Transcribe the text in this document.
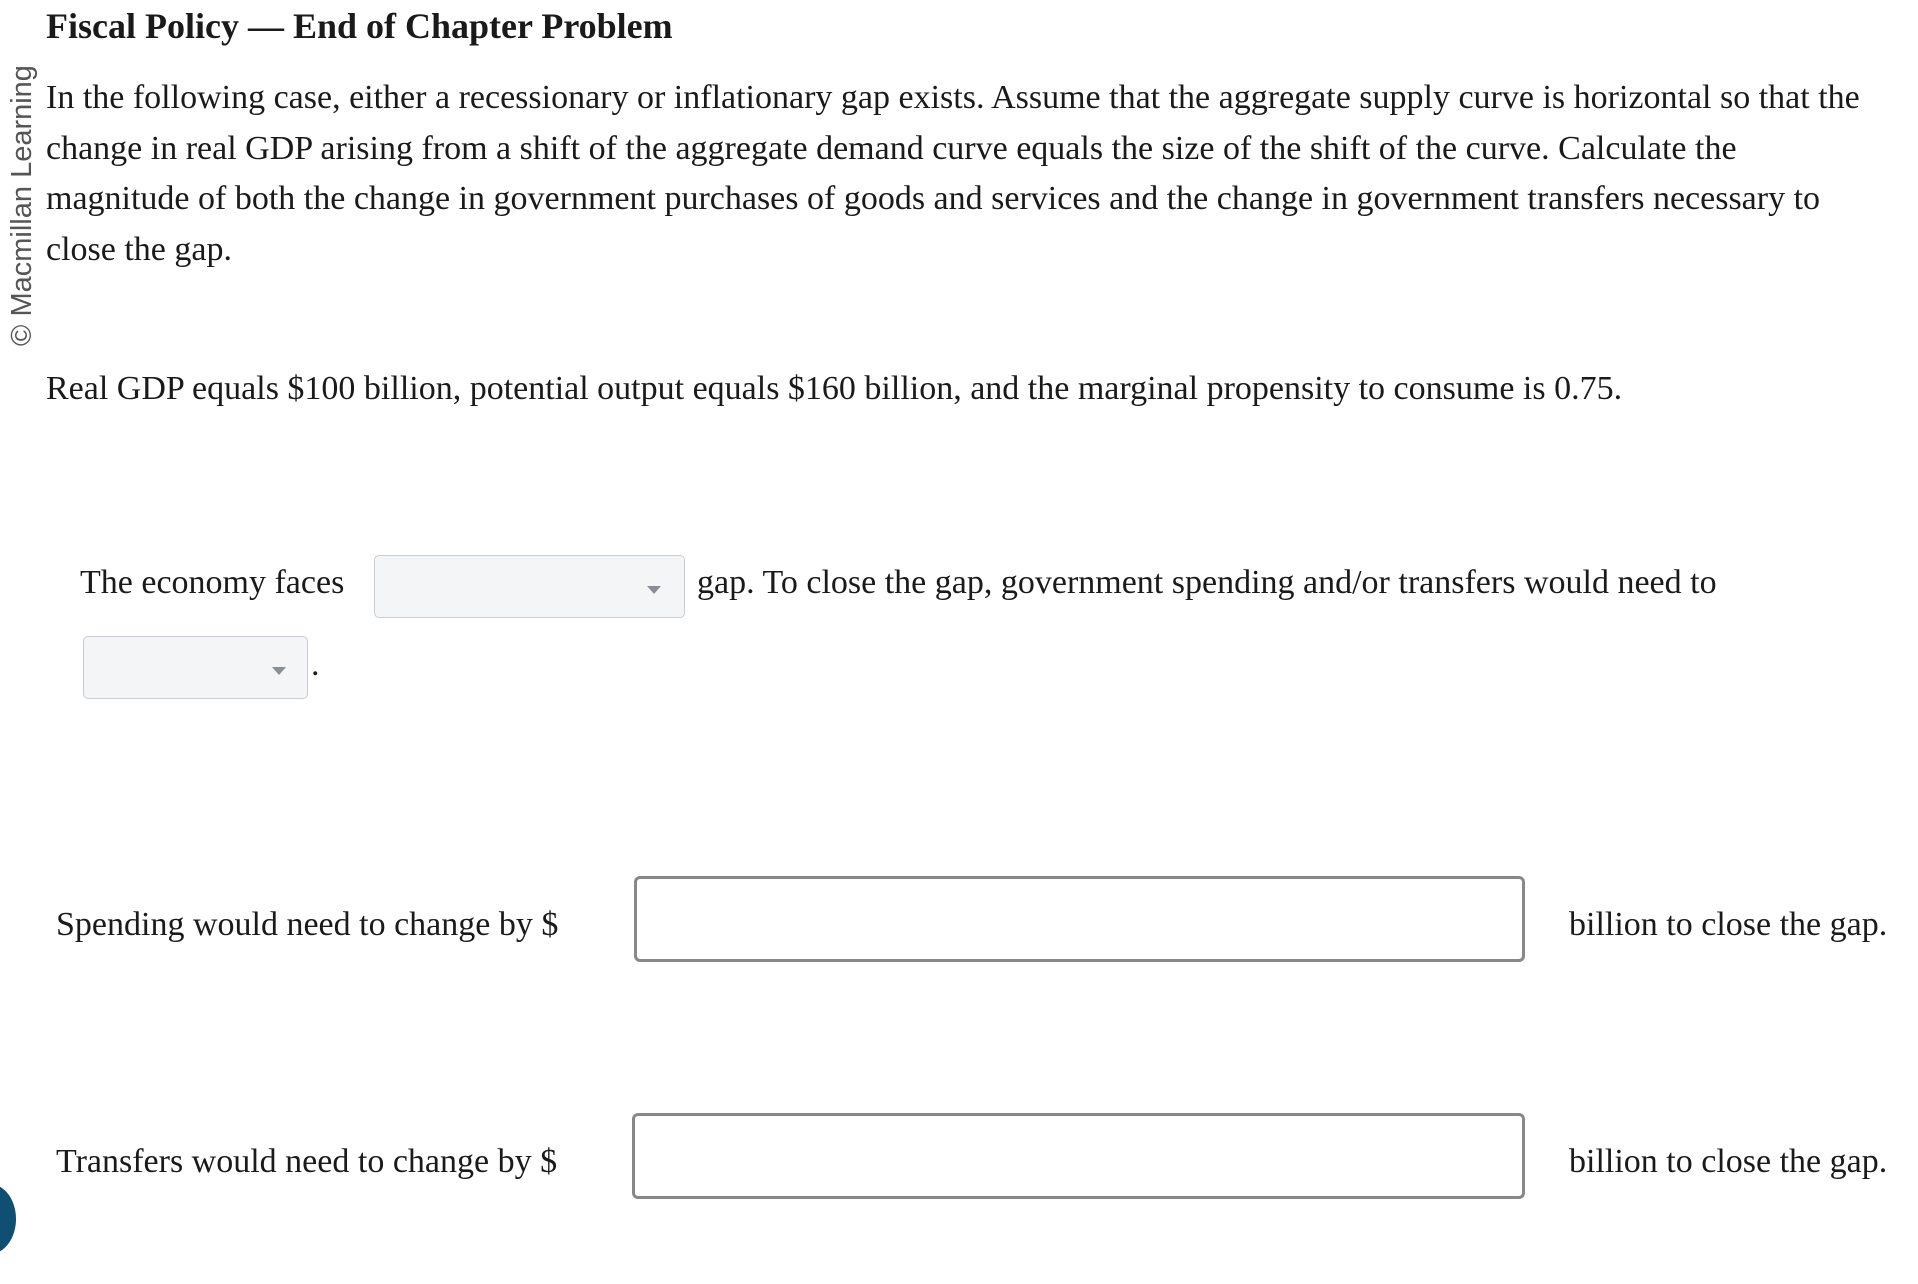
© Macmillan Learning
Fiscal Policy — End of Chapter Problem

In the following case, either a recessionary or inflationary gap exists. Assume that the aggregate supply curve is horizontal so that the change in real GDP arising from a shift of the aggregate demand curve equals the size of the shift of the curve. Calculate the magnitude of both the change in government purchases of goods and services and the change in government transfers necessary to close the gap.

Real GDP equals $100 billion, potential output equals $160 billion, and the marginal propensity to consume is 0.75.

The economy faces	gap. To close the gap, government spending and/or transfers would need to
.
Spending would need to change by $	billion to close the gap.
Transfers would need to change by $	billion to close the gap.
